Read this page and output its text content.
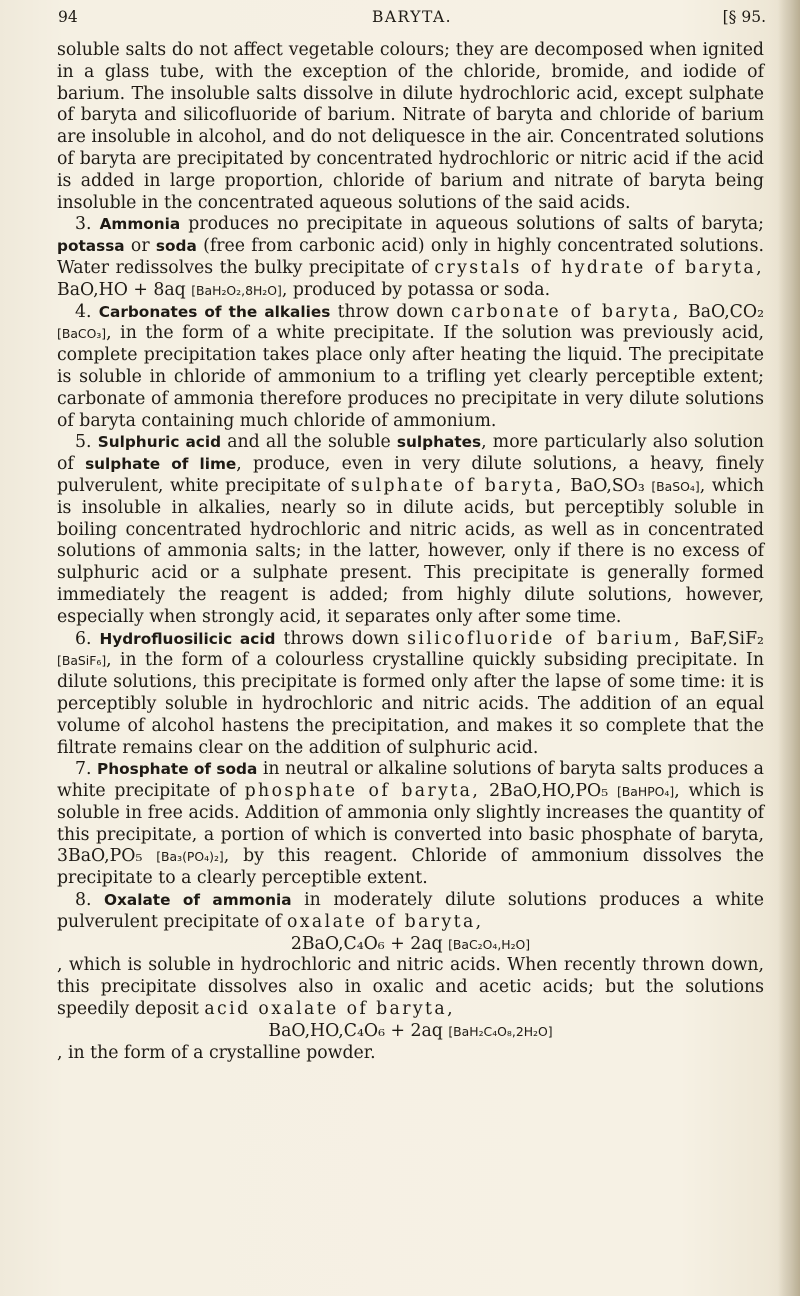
94	BARYTA.	[§ 95.

soluble salts do not affect vegetable colours; they are decomposed when ignited in a glass tube, with the exception of the chloride, bromide, and iodide of barium. The insoluble salts dissolve in dilute hydrochloric acid, except sulphate of baryta and silicofluoride of barium. Nitrate of baryta and chloride of barium are insoluble in alcohol, and do not deliquesce in the air. Concentrated solutions of baryta are precipitated by concentrated hydrochloric or nitric acid if the acid is added in large proportion, chloride of barium and nitrate of baryta being insoluble in the concentrated aqueous solutions of the said acids.

3. Ammonia produces no precipitate in aqueous solutions of salts of baryta; potassa or soda (free from carbonic acid) only in highly concentrated solutions. Water redissolves the bulky precipitate of crystals of hydrate of baryta, BaO,HO + 8aq [BaH₂O₂,8H₂O], produced by potassa or soda.

4. Carbonates of the alkalies throw down carbonate of baryta, BaO,CO₂ [BaCO₃], in the form of a white precipitate. If the solution was previously acid, complete precipitation takes place only after heating the liquid. The precipitate is soluble in chloride of ammonium to a trifling yet clearly perceptible extent; carbonate of ammonia therefore produces no precipitate in very dilute solutions of baryta containing much chloride of ammonium.

5. Sulphuric acid and all the soluble sulphates, more particularly also solution of sulphate of lime, produce, even in very dilute solutions, a heavy, finely pulverulent, white precipitate of sulphate of baryta, BaO,SO₃ [BaSO₄], which is insoluble in alkalies, nearly so in dilute acids, but perceptibly soluble in boiling concentrated hydrochloric and nitric acids, as well as in concentrated solutions of ammonia salts; in the latter, however, only if there is no excess of sulphuric acid or a sulphate present. This precipitate is generally formed immediately the reagent is added; from highly dilute solutions, however, especially when strongly acid, it separates only after some time.

6. Hydrofluosilicic acid throws down silicofluoride of barium, BaF,SiF₂ [BaSiF₆], in the form of a colourless crystalline quickly subsiding precipitate. In dilute solutions, this precipitate is formed only after the lapse of some time: it is perceptibly soluble in hydrochloric and nitric acids. The addition of an equal volume of alcohol hastens the precipitation, and makes it so complete that the filtrate remains clear on the addition of sulphuric acid.

7. Phosphate of soda in neutral or alkaline solutions of baryta salts produces a white precipitate of phosphate of baryta, 2BaO,HO,PO₅ [BaHPO₄], which is soluble in free acids. Addition of ammonia only slightly increases the quantity of this precipitate, a portion of which is converted into basic phosphate of baryta, 3BaO,PO₅ [Ba₃(PO₄)₂], by this reagent. Chloride of ammonium dissolves the precipitate to a clearly perceptible extent.

8. Oxalate of ammonia in moderately dilute solutions produces a white pulverulent precipitate of oxalate of baryta,
2BaO,C₄O₆ + 2aq [BaC₂O₄,H₂O]
, which is soluble in hydrochloric and nitric acids. When recently thrown down, this precipitate dissolves also in oxalic and acetic acids; but the solutions speedily deposit acid oxalate of baryta,
BaO,HO,C₄O₆ + 2aq [BaH₂C₄O₈,2H₂O]
, in the form of a crystalline powder.
